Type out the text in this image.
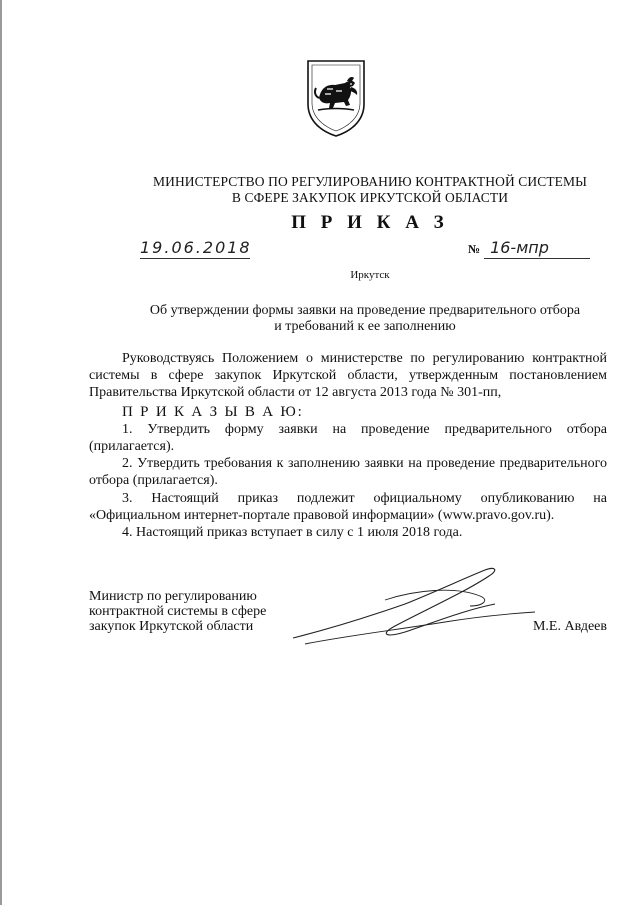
МИНИСТЕРСТВО ПО РЕГУЛИРОВАНИЮ КОНТРАКТНОЙ СИСТЕМЫ
В СФЕРЕ ЗАКУПОК ИРКУТСКОЙ ОБЛАСТИ
П Р И К А З
19.06.2018	№ 16-мпр
Иркутск
Об утверждении формы заявки на проведение предварительного отбора
и требований к ее заполнению

Руководствуясь Положением о министерстве по регулированию контрактной системы в сфере закупок Иркутской области, утвержденным постановлением Правительства Иркутской области от 12 августа 2013 года № 301-пп,

П Р И К А З Ы В А Ю:

1. Утвердить форму заявки на проведение предварительного отбора (прилагается).

2. Утвердить требования к заполнению заявки на проведение предварительного отбора (прилагается).

3. Настоящий приказ подлежит официальному опубликованию на «Официальном интернет-портале правовой информации» (www.pravo.gov.ru).

4. Настоящий приказ вступает в силу с 1 июля 2018 года.

Министр по регулированию
контрактной системы в сфере
закупок Иркутской области	М.Е. Авдеев
